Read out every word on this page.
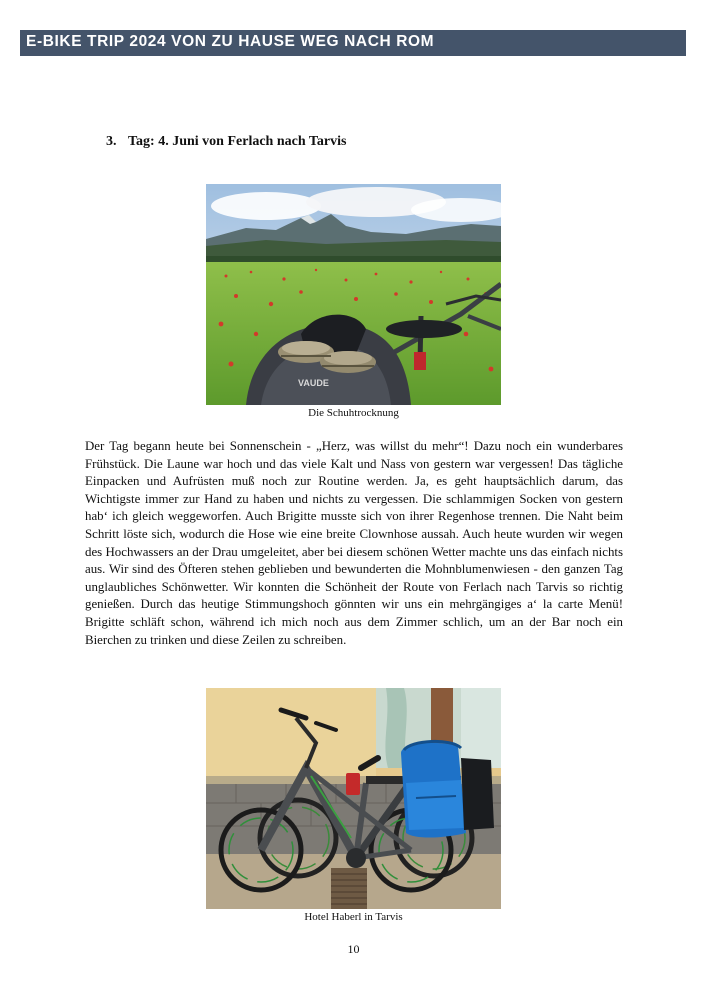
E-BIKE TRIP 2024 VON ZU HAUSE WEG NACH ROM
3. Tag: 4. Juni von Ferlach nach Tarvis
VAUDE
Die Schuhtrocknung
Der Tag begann heute bei Sonnenschein - „Herz, was willst du mehr“! Dazu noch ein wunderbares Frühstück. Die Laune war hoch und das viele Kalt und Nass von gestern war vergessen! Das tägliche Einpacken und Aufrüsten muß noch zur Routine werden. Ja, es geht hauptsächlich darum, das Wichtigste immer zur Hand zu haben und nichts zu vergessen. Die schlammigen Socken von gestern hab‘ ich gleich weggeworfen. Auch Brigitte musste sich von ihrer Regenhose trennen. Die Naht beim Schritt löste sich, wodurch die Hose wie eine breite Clownhose aussah. Auch heute wurden wir wegen des Hochwassers an der Drau umgeleitet, aber bei diesem schönen Wetter machte uns das einfach nichts aus. Wir sind des Öfteren stehen geblieben und bewunderten die Mohnblumenwiesen - den ganzen Tag unglaubliches Schönwetter. Wir konnten die Schönheit der Route von Ferlach nach Tarvis so richtig genießen. Durch das heutige Stimmungshoch gönnten wir uns ein mehrgängiges a‘ la carte Menü! Brigitte schläft schon, während ich mich noch aus dem Zimmer schlich, um an der Bar noch ein Bierchen zu trinken und diese Zeilen zu schreiben.
Hotel Haberl in Tarvis
10
